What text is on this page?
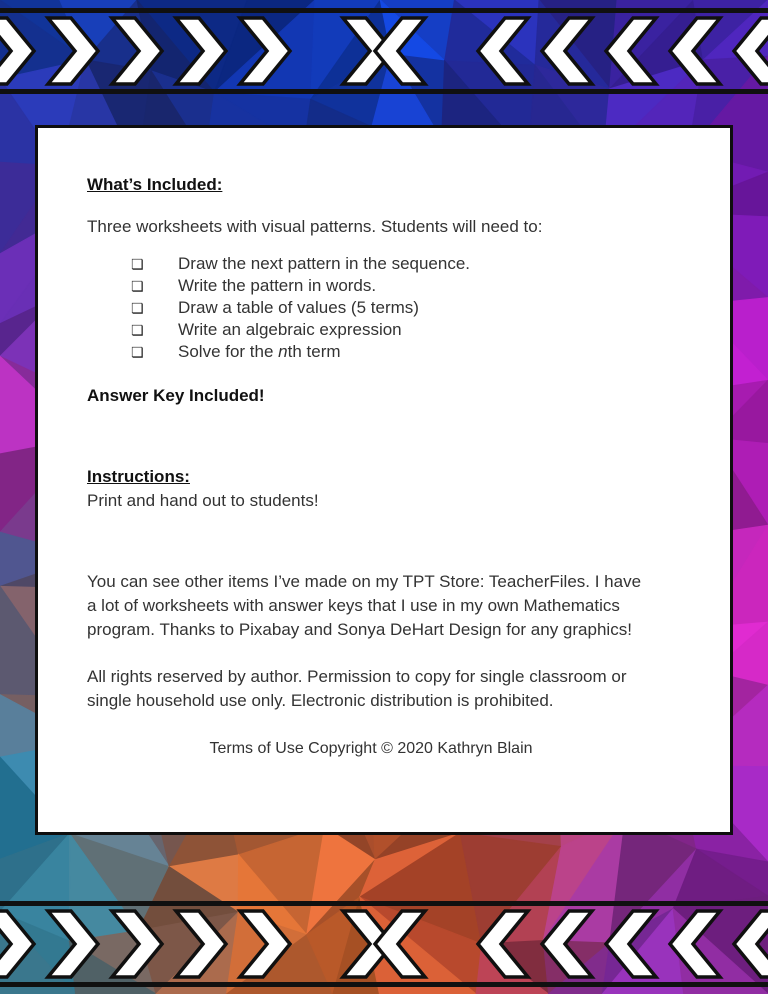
What’s Included:
Three worksheets with visual patterns. Students will need to:
❏	Draw the next pattern in the sequence.
❏	Write the pattern in words.
❏	Draw a table of values (5 terms)
❏	Write an algebraic expression
❏	Solve for the nth term
Answer Key Included!
Instructions:
Print and hand out to students!
You can see other items I’ve made on my TPT Store: TeacherFiles. I have a lot of worksheets with answer keys that I use in my own Mathematics program. Thanks to Pixabay and Sonya DeHart Design for any graphics!
All rights reserved by author. Permission to copy for single classroom or single household use only. Electronic distribution is prohibited.
Terms of Use Copyright © 2020 Kathryn Blain
